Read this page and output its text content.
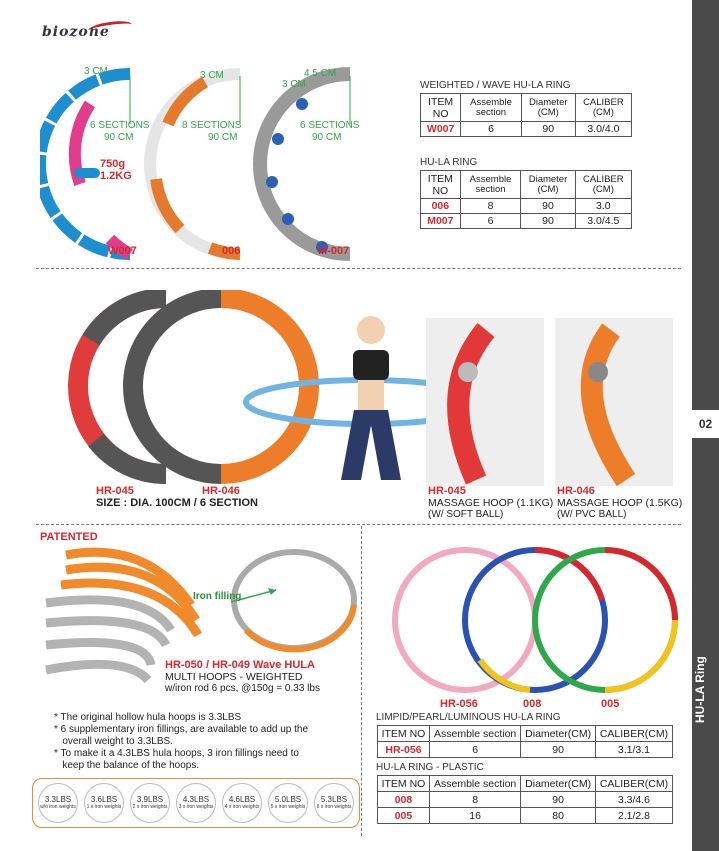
02
HU-LA Ring
biozone
3 CM
6 SECTIONS
90 CM
750g
1.2KG
W007
3 CM
8 SECTIONS
90 CM
006
4.5 CM
3 CM
6 SECTIONS
90 CM
M-007
WEIGHTED / WAVE HU-LA RING
ITEM NO	Assemble section	Diameter (CM)	CALIBER (CM)
W007	6	90	3.0/4.0
HU-LA RING
ITEM NO	Assemble section	Diameter (CM)	CALIBER (CM)
006	8	90	3.0
M007	6	90	3.0/4.5
HR-045	HR-046
SIZE : DIA. 100CM / 6 SECTION
HR-045
MASSAGE HOOP (1.1KG)
(W/ SOFT BALL)
HR-046
MASSAGE HOOP (1.5KG)
(W/ PVC BALL)
PATENTED
Iron filling
HR-050 / HR-049 Wave HULA
MULTI HOOPS - WEIGHTED
w/iron rod 6 pcs, @150g = 0.33 lbs
* The original hollow hula hoops is 3.3LBS
* 6 supplementary iron fillings, are available to add up the
overall weight to 3.3LBS.
* To make it a 4.3LBS hula hoops, 3 iron fillings need to
keep the balance of the hoops.
3.3LBS
w/o iron weights
3.6LBS
1 x iron weights
3.9LBS
2 x iron weights
4.3LBS
3 x iron weights
4.6LBS
4 x iron weights
5.0LBS
5 x iron weights
5.3LBS
6 x iron weights
HR-056	008	005
LIMPID/PEARL/LUMINOUS HU-LA RING
ITEM NO	Assemble section	Diameter(CM)	CALIBER(CM)
HR-056	6	90	3.1/3.1
HU-LA RING - PLASTIC
ITEM NO	Assemble section	Diameter(CM)	CALIBER(CM)
008	8	90	3.3/4.6
005	16	80	2.1/2.8
